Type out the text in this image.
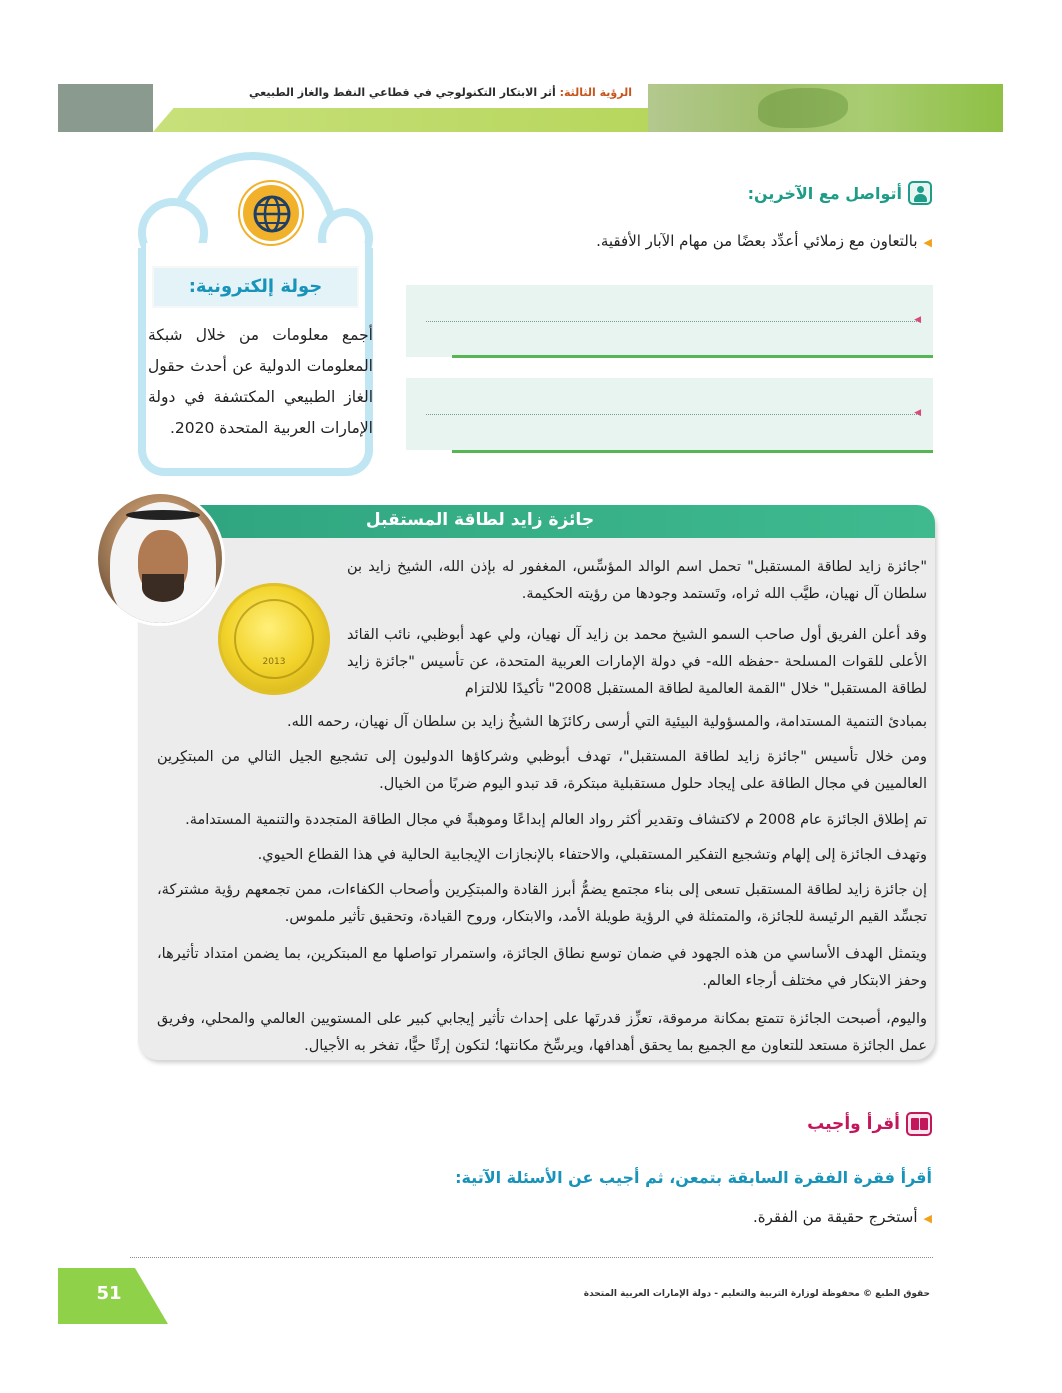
الرؤية الثالثة: أثر الابتكار التكنولوجي في قطاعي النفط والغاز الطبيعي
أتواصل مع الآخرين:
◀بالتعاون مع زملائي أعدِّد بعضًا من مهام الآبار الأفقية.
◀
◀
جولة إلكترونية:
أجمع معلومات من خلال شبكة المعلومات الدولية عن أحدث حقول الغاز الطبيعي المكتشفة في دولة الإمارات العربية المتحدة 2020.
جائزة زايد لطاقة المستقبل
2013
"جائزة زايد لطاقة المستقبل" تحمل اسم الوالد المؤسِّس، المغفور له بإذن الله، الشيخ زايد بن سلطان آل نهيان، طيَّب الله ثراه، وتَستمد وجودها من رؤيته الحكيمة.
وقد أعلن الفريق أول صاحب السمو الشيخ محمد بن زايد آل نهيان، ولي عهد أبوظبي، نائب القائد الأعلى للقوات المسلحة -حفظه الله- في دولة الإمارات العربية المتحدة، عن تأسيس "جائزة زايد لطاقة المستقبل" خلال "القمة العالمية لطاقة المستقبل 2008" تأكيدًا للالتزام
بمبادئ التنمية المستدامة، والمسؤولية البيئية التي أرسى ركائزَها الشيخُ زايد بن سلطان آل نهيان، رحمه الله.
ومن خلال تأسيس "جائزة زايد لطاقة المستقبل"، تهدف أبوظبي وشركاؤها الدوليون إلى تشجيع الجيل التالي من المبتكِرين العالميين في مجال الطاقة على إيجاد حلول مستقبلية مبتكرة، قد تبدو اليوم ضربًا من الخيال.
تم إطلاق الجائزة عام 2008 م لاكتشاف وتقدير أكثر رواد العالم إبداعًا وموهبةً في مجال الطاقة المتجددة والتنمية المستدامة.
وتهدف الجائزة إلى إلهام وتشجيع التفكير المستقبلي، والاحتفاء بالإنجازات الإيجابية الحالية في هذا القطاع الحيوي.
إن جائزة زايد لطاقة المستقبل تسعى إلى بناء مجتمع يضمُّ أبرز القادة والمبتكِرين وأصحاب الكفاءات، ممن تجمعهم رؤية مشتركة، تجسِّد القيم الرئيسة للجائزة، والمتمثلة في الرؤية طويلة الأمد، والابتكار، وروح القيادة، وتحقيق تأثير ملموس.
ويتمثل الهدف الأساسي من هذه الجهود في ضمان توسع نطاق الجائزة، واستمرار تواصلها مع المبتكرين، بما يضمن امتداد تأثيرها، وحفز الابتكار في مختلف أرجاء العالم.
واليوم، أصبحت الجائزة تتمتع بمكانة مرموقة، تعزِّز قدرتَها على إحداث تأثير إيجابي كبير على المستويين العالمي والمحلي، وفريق عمل الجائزة مستعد للتعاون مع الجميع بما يحقق أهدافها، ويرسِّخ مكانتها؛ لتكون إرثًا حيًّا، تفخر به الأجيال.
أقرأ وأجيب
أقرأ فقرة الفقرة السابقة بتمعن، ثم أجيب عن الأسئلة الآتية:
◀أستخرج حقيقة من الفقرة.
51	حقوق الطبع © محفوظة لوزارة التربية والتعليم - دولة الإمارات العربية المتحدة
